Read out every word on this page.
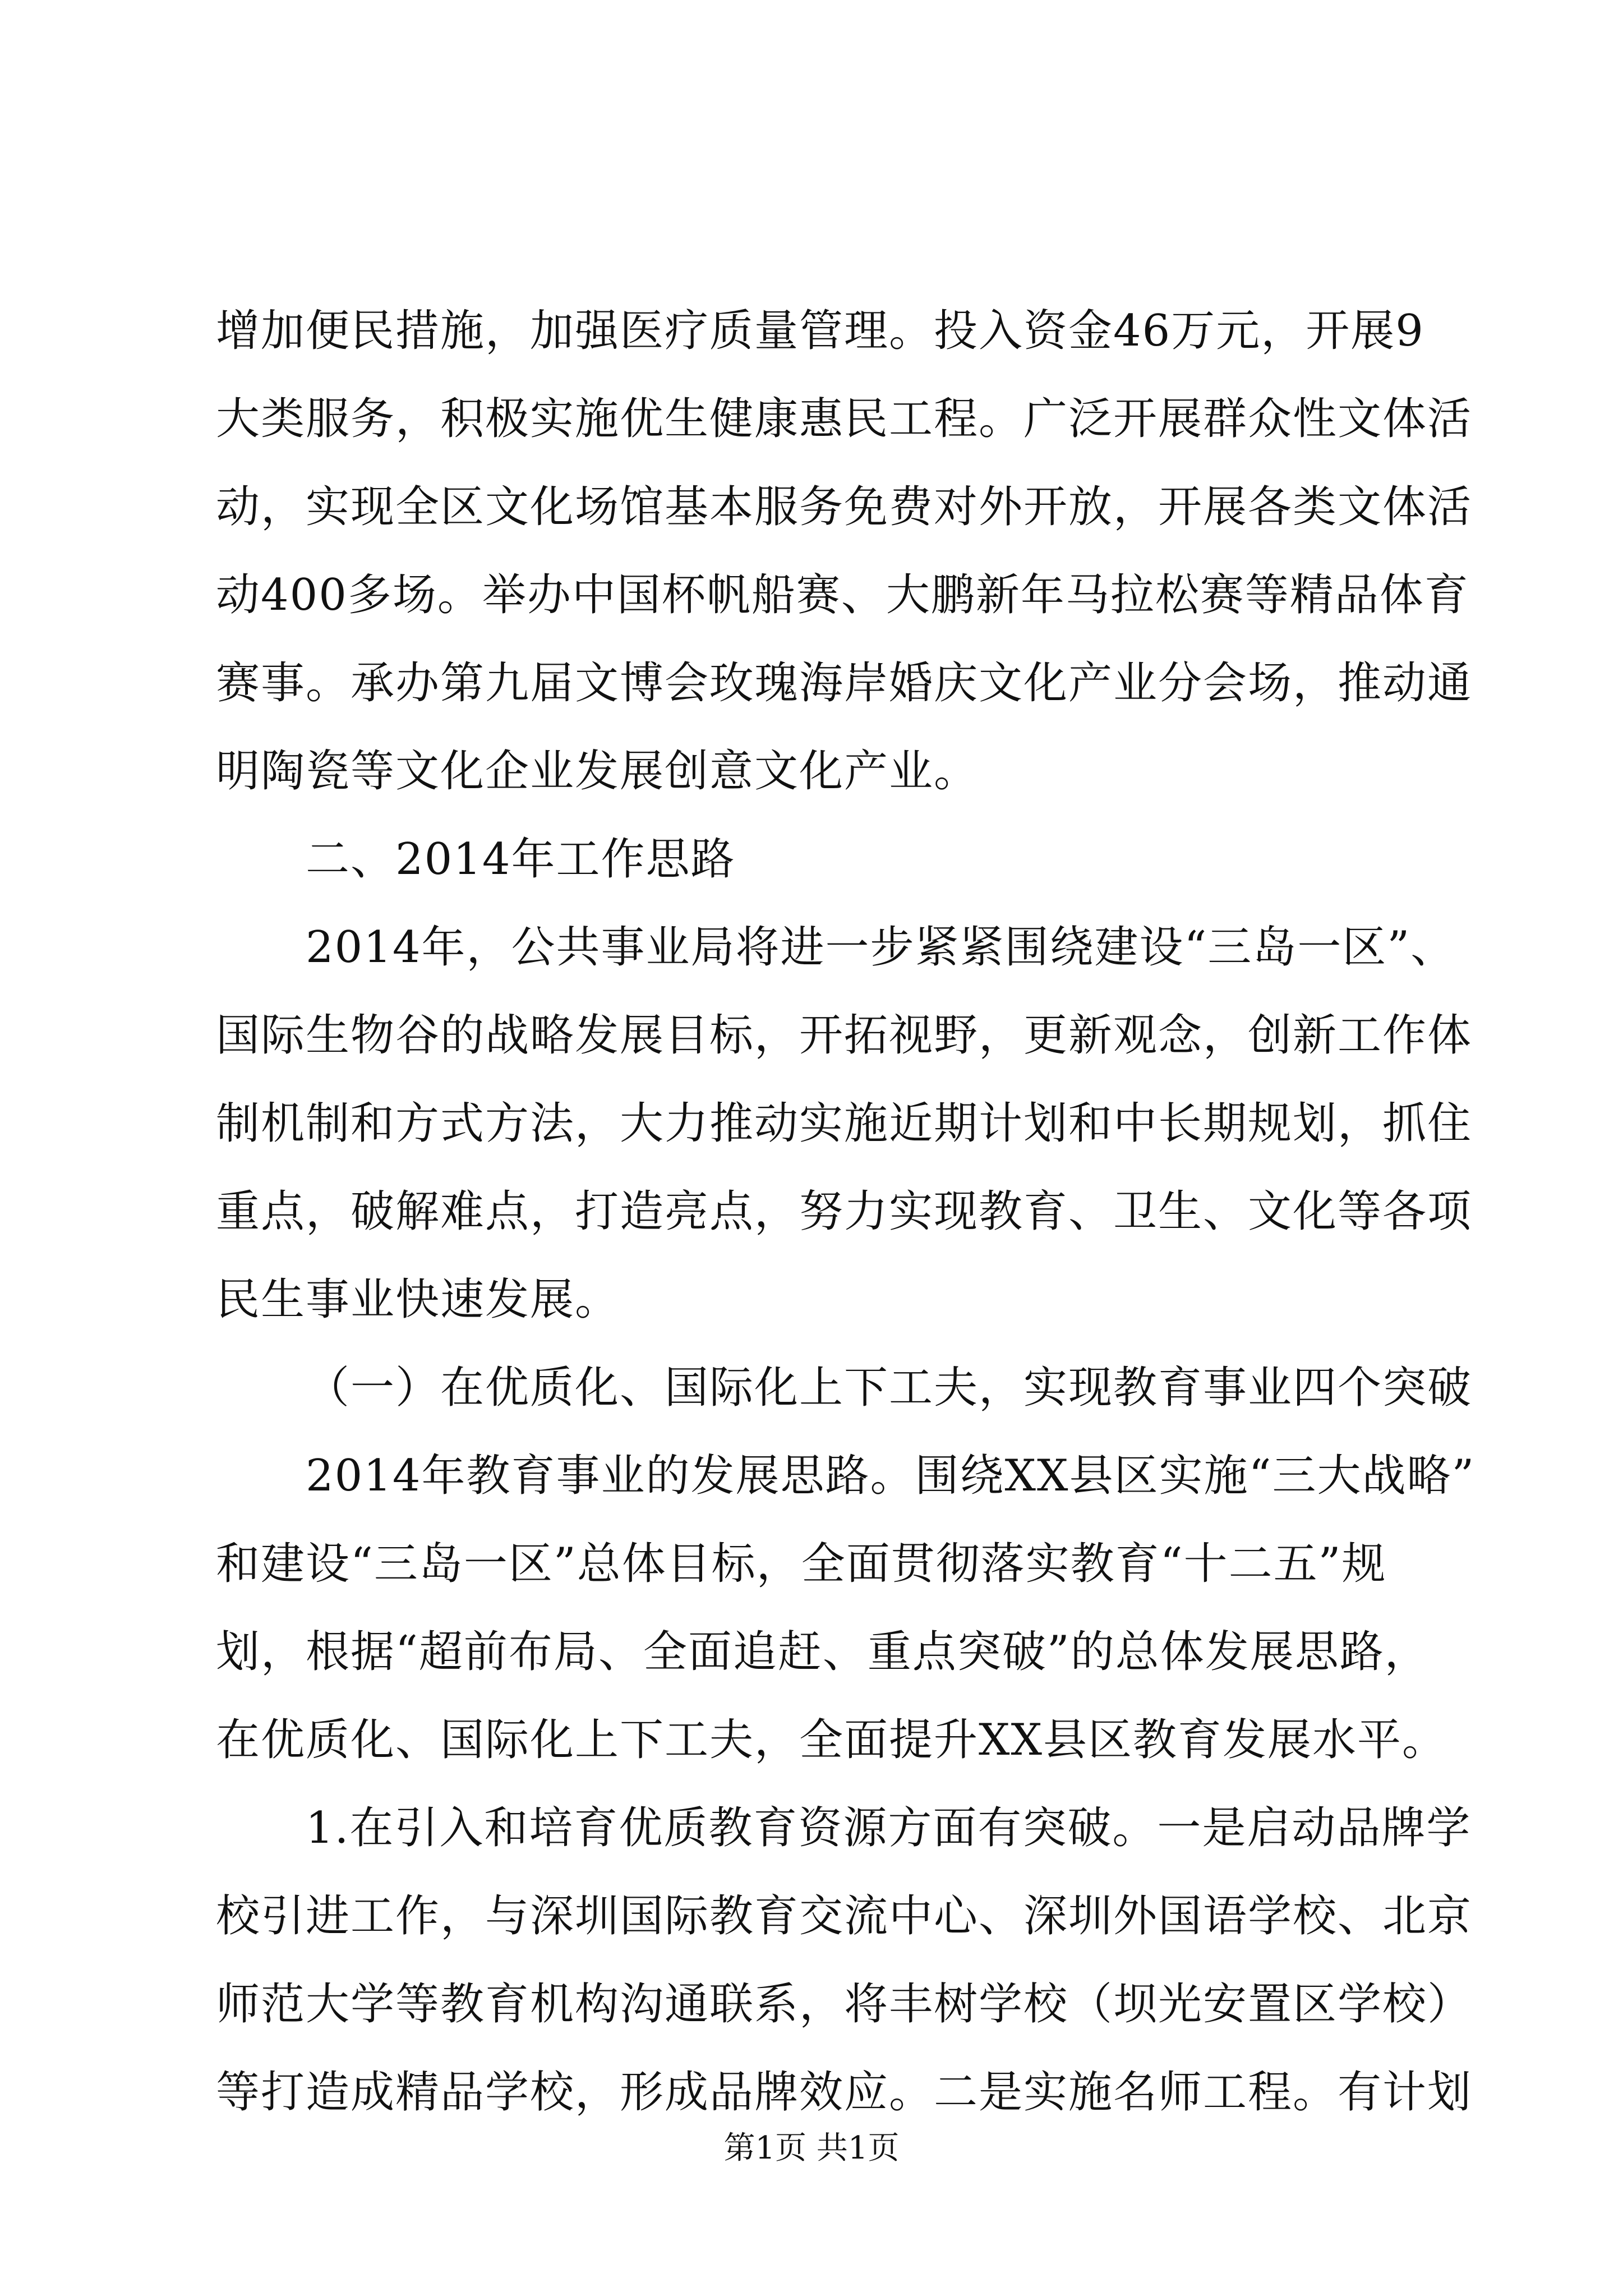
增加便民措施，加强医疗质量管理。投入资金46万元，开展9
大类服务，积极实施优生健康惠民工程。广泛开展群众性文体活
动，实现全区文化场馆基本服务免费对外开放，开展各类文体活
动400多场。举办中国杯帆船赛、大鹏新年马拉松赛等精品体育
赛事。承办第九届文博会玫瑰海岸婚庆文化产业分会场，推动通
明陶瓷等文化企业发展创意文化产业。
二、2014年工作思路
2014年，公共事业局将进一步紧紧围绕建设“三岛一区”、
国际生物谷的战略发展目标，开拓视野，更新观念，创新工作体
制机制和方式方法，大力推动实施近期计划和中长期规划，抓住
重点，破解难点，打造亮点，努力实现教育、卫生、文化等各项
民生事业快速发展。
（一）在优质化、国际化上下工夫，实现教育事业四个突破
2014年教育事业的发展思路。围绕XX县区实施“三大战略”
和建设“三岛一区”总体目标，全面贯彻落实教育“十二五”规
划，根据“超前布局、全面追赶、重点突破”的总体发展思路，
在优质化、国际化上下工夫，全面提升XX县区教育发展水平。
1.在引入和培育优质教育资源方面有突破。一是启动品牌学
校引进工作，与深圳国际教育交流中心、深圳外国语学校、北京
师范大学等教育机构沟通联系，将丰树学校（坝光安置区学校）
等打造成精品学校，形成品牌效应。二是实施名师工程。有计划
第1页 共1页
